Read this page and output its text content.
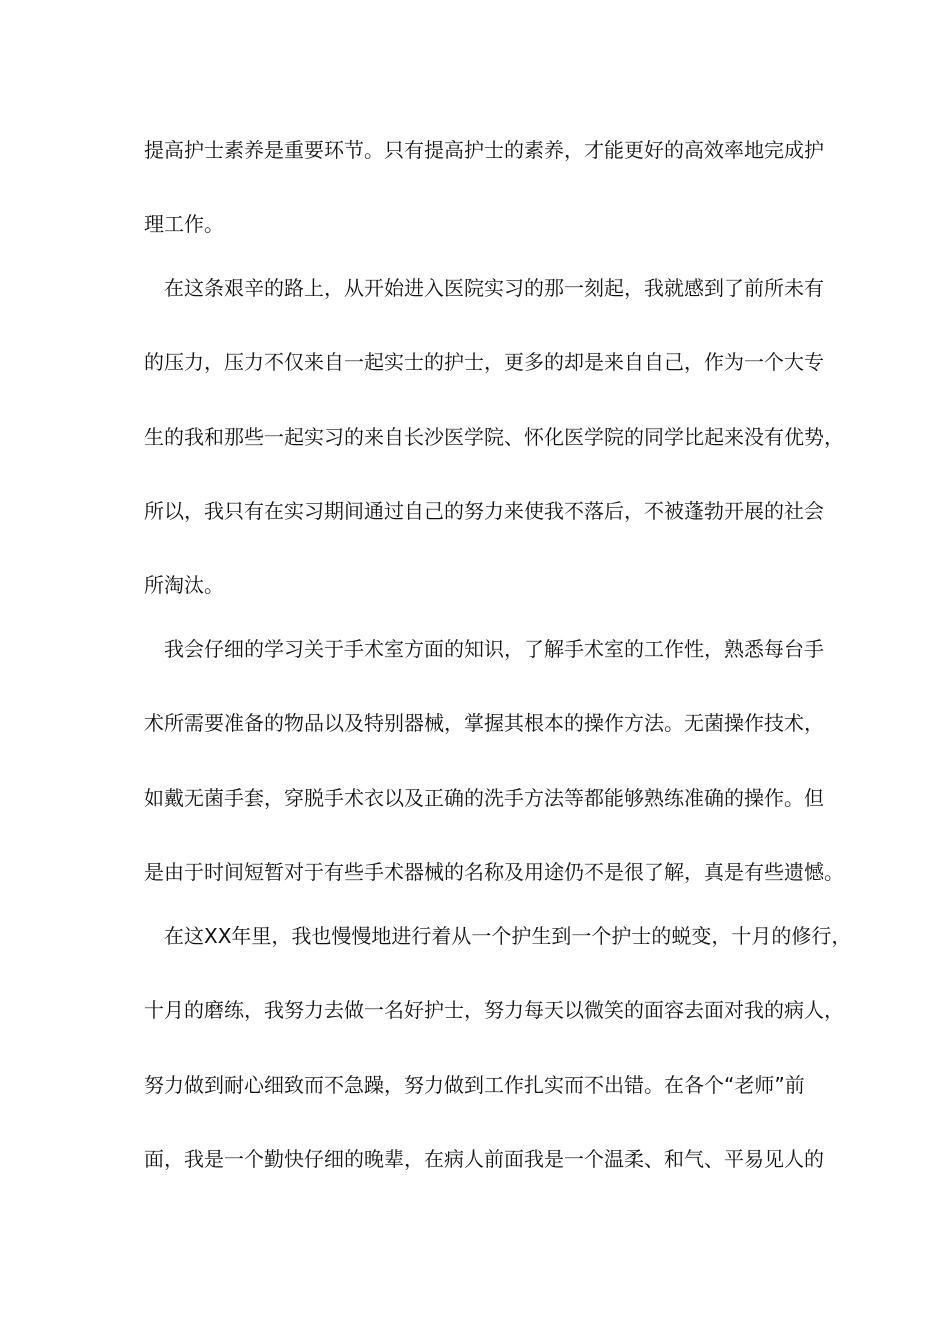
提高护士素养是重要环节。只有提高护士的素养，才能更好的高效率地完成护
理工作。
在这条艰辛的路上，从开始进入医院实习的那一刻起，我就感到了前所未有
的压力，压力不仅来自一起实士的护士，更多的却是来自自己，作为一个大专
生的我和那些一起实习的来自长沙医学院、怀化医学院的同学比起来没有优势，
所以，我只有在实习期间通过自己的努力来使我不落后，不被蓬勃开展的社会
所淘汰。
我会仔细的学习关于手术室方面的知识，了解手术室的工作性，熟悉每台手
术所需要准备的物品以及特别器械，掌握其根本的操作方法。无菌操作技术，
如戴无菌手套，穿脱手术衣以及正确的洗手方法等都能够熟练准确的操作。但
是由于时间短暂对于有些手术器械的名称及用途仍不是很了解，真是有些遗憾。
在这XX年里，我也慢慢地进行着从一个护生到一个护士的蜕变，十月的修行，
十月的磨练，我努力去做一名好护士，努力每天以微笑的面容去面对我的病人，
努力做到耐心细致而不急躁，努力做到工作扎实而不出错。在各个“老师”前
面，我是一个勤快仔细的晚辈，在病人前面我是一个温柔、和气、平易见人的
